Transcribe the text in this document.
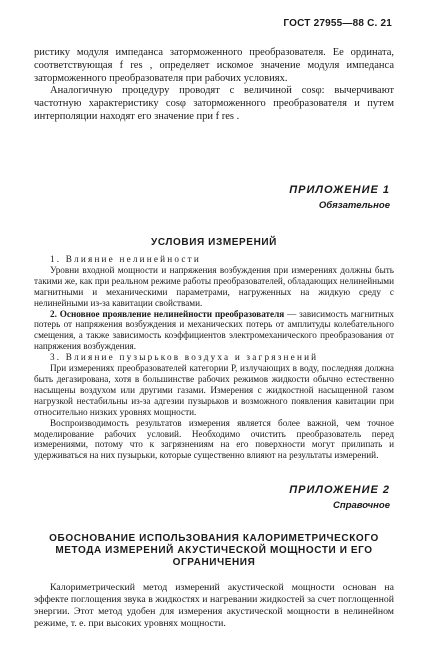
ГОСТ 27955—88 С. 21

ристику модуля импеданса заторможенного преобразователя. Ее ордината, соответствующая f res , определяет искомое значение модуля импеданса заторможенного преобразователя при рабочих условиях.

Аналогичную процедуру проводят с величиной cosφ: вычерчивают частотную характеристику cosφ заторможенного преобразователя и путем интерполяции находят его значение при f res .

ПРИЛОЖЕНИЕ 1
Обязательное
УСЛОВИЯ ИЗМЕРЕНИЙ

1. Влияние нелинейности

Уровни входной мощности и напряжения возбуждения при измерениях должны быть такими же, как при реальном режиме работы преобразователей, обладающих нелинейными магнитными и механическими параметрами, нагруженных на жидкую среду с нелинейными из-за кавитации свойствами.

2. Основное проявление нелинейности преобразователя — зависимость магнитных потерь от напряжения возбуждения и механических потерь от амплитуды колебательного смещения, а также зависимость коэффициентов электромеханического преобразования от напряжения возбуждения.

3. Влияние пузырьков воздуха и загрязнений

При измерениях преобразователей категории Р, излучающих в воду, последняя должна быть дегазирована, хотя в большинстве рабочих режимов жидкости обычно естественно насыщены воздухом или другими газами. Измерения с жидкостной насыщенной газом нагрузкой нестабильны из-за адгезии пузырьков и возможного появления кавитации при относительно низких уровнях мощности.

Воспроизводимость результатов измерения является более важной, чем точное моделирование рабочих условий. Необходимо очистить преобразователь перед измерениями, потому что к загрязнениям на его поверхности могут прилипать и удерживаться на них пузырьки, которые существенно влияют на результаты измерений.

ПРИЛОЖЕНИЕ 2
Справочное
ОБОСНОВАНИЕ ИСПОЛЬЗОВАНИЯ КАЛОРИМЕТРИЧЕСКОГО
МЕТОДА ИЗМЕРЕНИЙ АКУСТИЧЕСКОЙ МОЩНОСТИ И ЕГО
ОГРАНИЧЕНИЯ

Калориметрический метод измерений акустической мощности основан на эффекте поглощения звука в жидкостях и нагревании жидкостей за счет поглощенной энергии. Этот метод удобен для измерения акустической мощности в нелинейном режиме, т. е. при высоких уровнях мощности.
